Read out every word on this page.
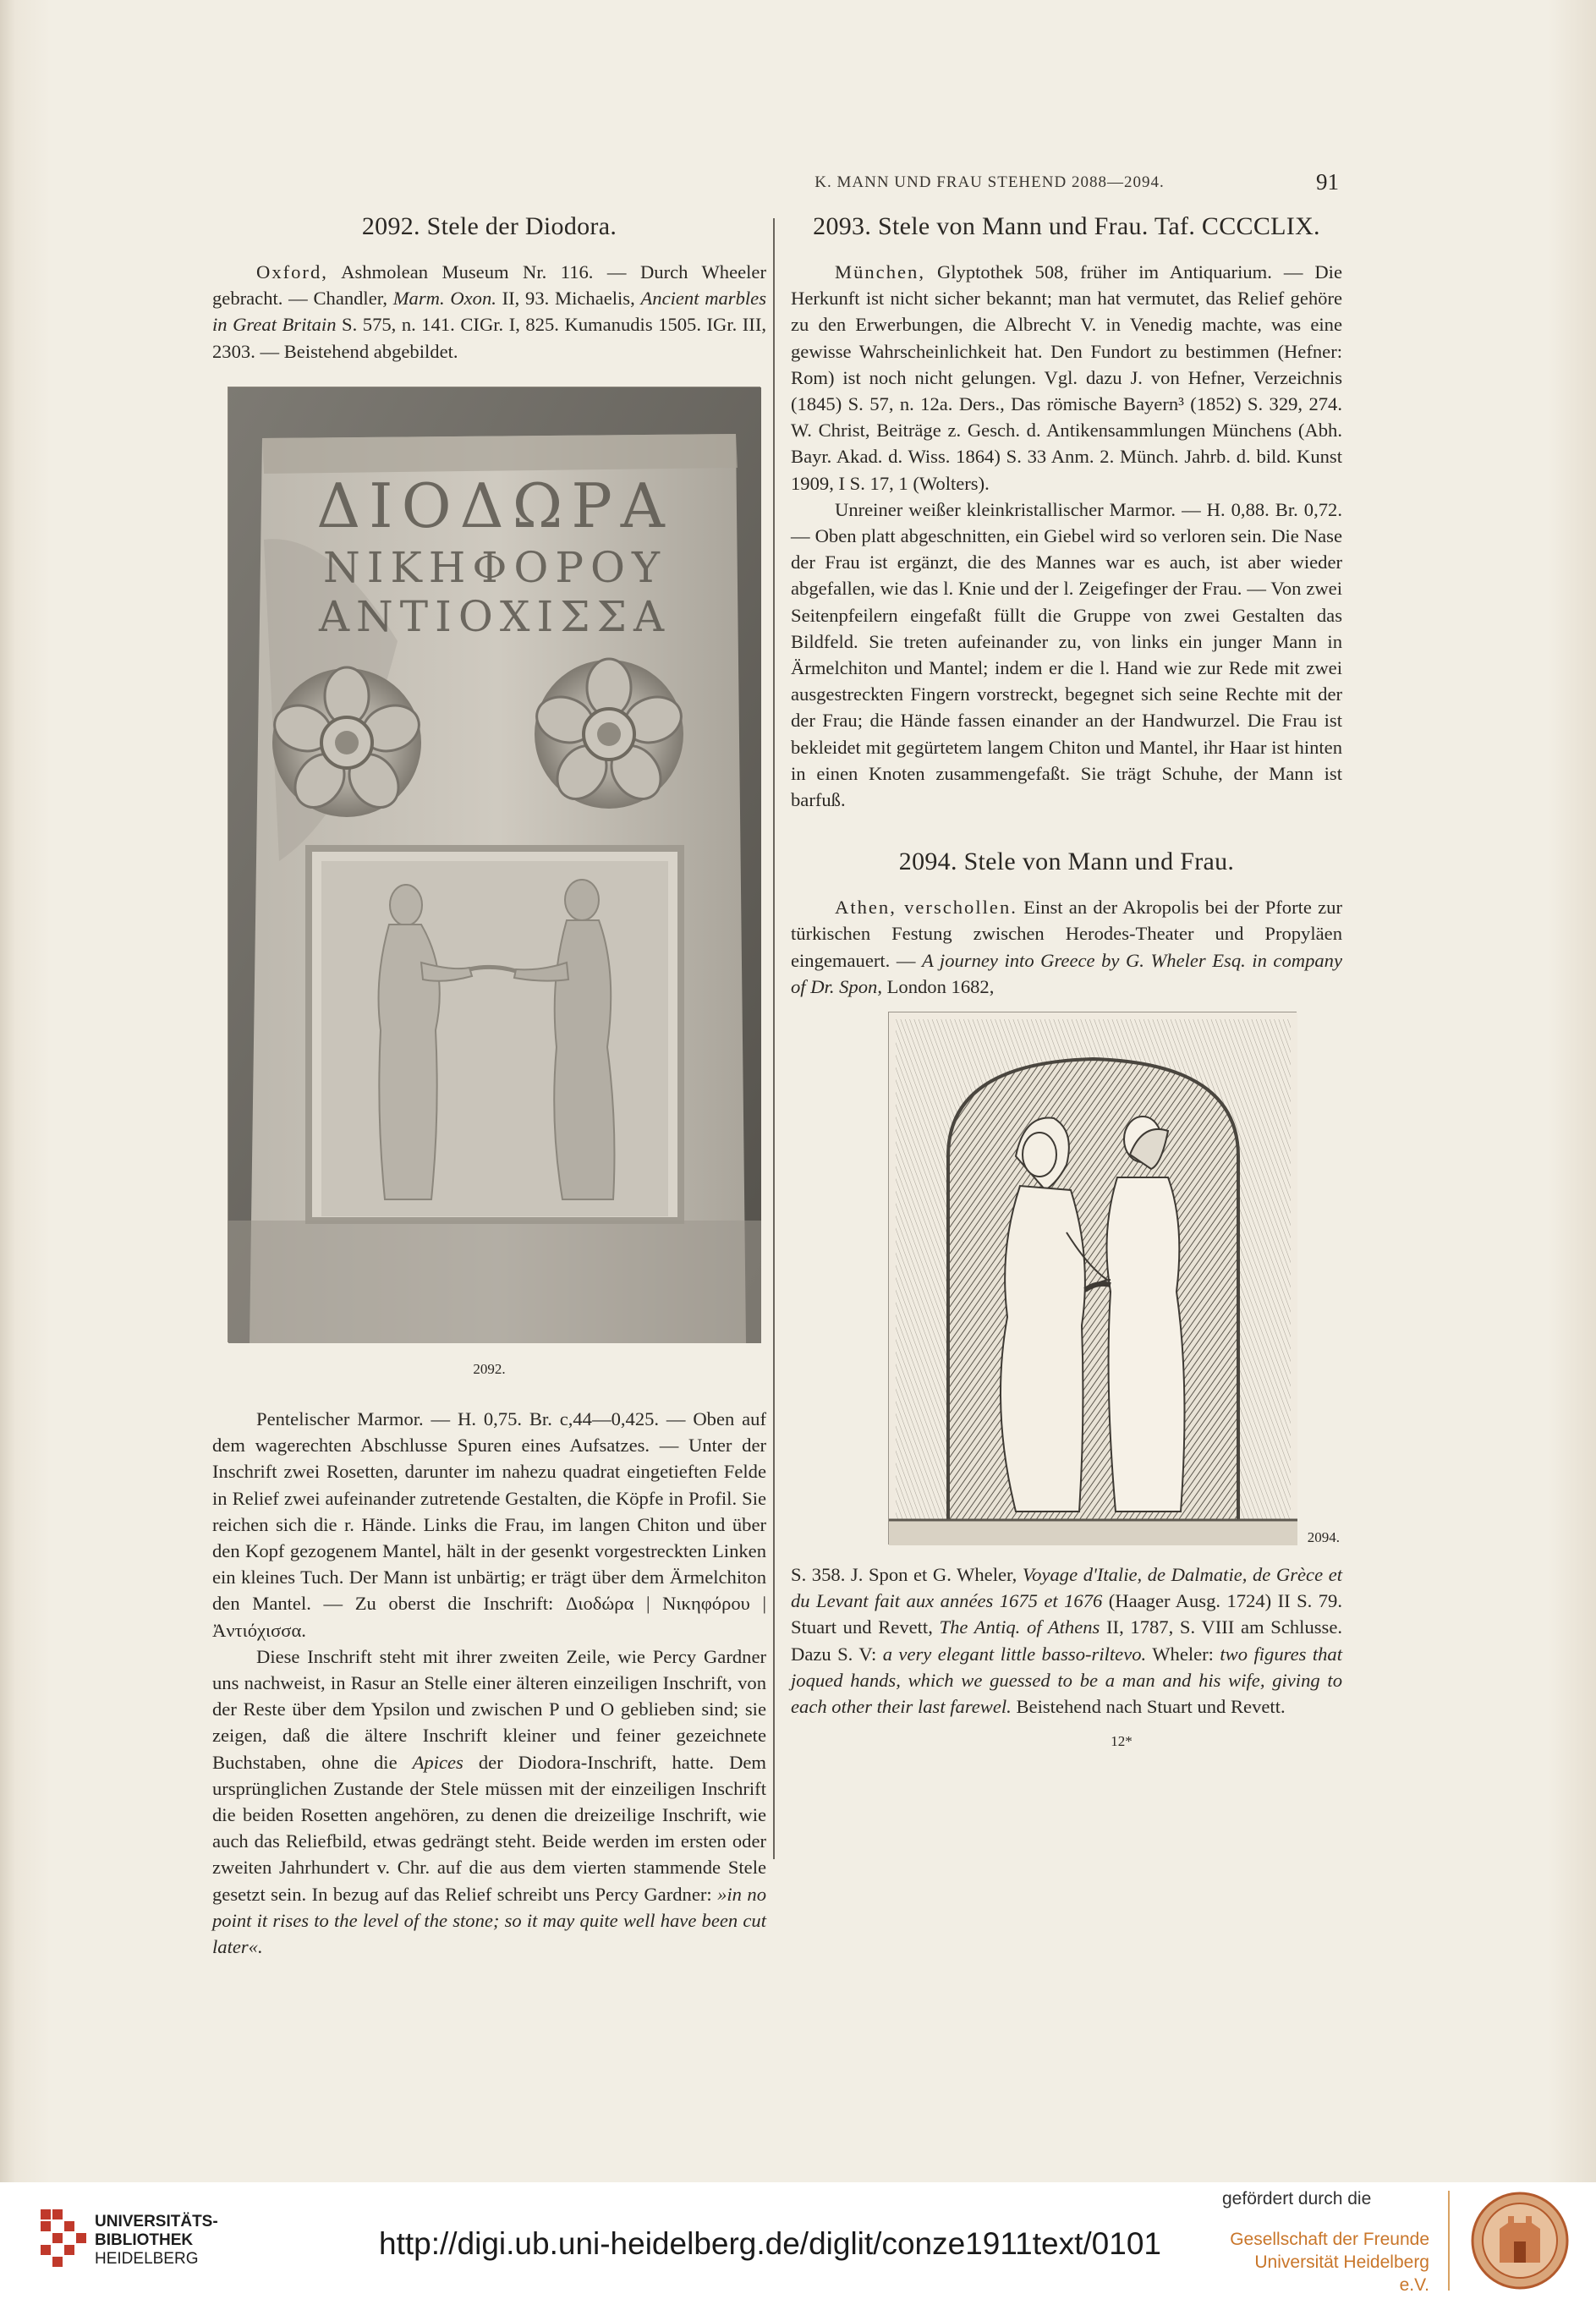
K. MANN UND FRAU STEHEND 2088—2094.	91
2092. Stele der Diodora.

Oxford, Ashmolean Museum Nr. 116. — Durch Wheeler gebracht. — Chandler, Marm. Oxon. II, 93. Michaelis, Ancient marbles in Great Britain S. 575, n. 141. CIGr. I, 825. Kumanudis 1505. IGr. III, 2303. — Beistehend abgebildet.

ΔΙΟΔΩΡΑ
ΝΙΚΗΦΟΡΟΥ
ΑΝΤΙΟΧΙΣΣΑ
2092.

Pentelischer Marmor. — H. 0,75. Br. c,44—0,425. — Oben auf dem wagerechten Abschlusse Spuren eines Aufsatzes. — Unter der Inschrift zwei Rosetten, darunter im nahezu quadrat eingetieften Felde in Relief zwei aufeinander zutretende Gestalten, die Köpfe in Profil. Sie reichen sich die r. Hände. Links die Frau, im langen Chiton und über den Kopf gezogenem Mantel, hält in der gesenkt vorgestreckten Linken ein kleines Tuch. Der Mann ist unbärtig; er trägt über dem Ärmelchiton den Mantel. — Zu oberst die Inschrift: Διοδώρα | Νικηφόρου | Ἀντιόχισσα.

Diese Inschrift steht mit ihrer zweiten Zeile, wie Percy Gardner uns nachweist, in Rasur an Stelle einer älteren einzeiligen Inschrift, von der Reste über dem Ypsilon und zwischen P und O geblieben sind; sie zeigen, daß die ältere Inschrift kleiner und feiner gezeichnete Buchstaben, ohne die Apices der Diodora-Inschrift, hatte. Dem ursprünglichen Zustande der Stele müssen mit der einzeiligen Inschrift die beiden Rosetten angehören, zu denen die dreizeilige Inschrift, wie auch das Reliefbild, etwas gedrängt steht. Beide werden im ersten oder zweiten Jahrhundert v. Chr. auf die aus dem vierten stammende Stele gesetzt sein. In bezug auf das Relief schreibt uns Percy Gardner: »in no point it rises to the level of the stone; so it may quite well have been cut later«.

2093. Stele von Mann und Frau. Taf. CCCCLIX.

München, Glyptothek 508, früher im Antiquarium. — Die Herkunft ist nicht sicher bekannt; man hat vermutet, das Relief gehöre zu den Erwerbungen, die Albrecht V. in Venedig machte, was eine gewisse Wahrscheinlichkeit hat. Den Fundort zu bestimmen (Hefner: Rom) ist noch nicht gelungen. Vgl. dazu J. von Hefner, Verzeichnis (1845) S. 57, n. 12a. Ders., Das römische Bayern³ (1852) S. 329, 274. W. Christ, Beiträge z. Gesch. d. Antikensammlungen Münchens (Abh. Bayr. Akad. d. Wiss. 1864) S. 33 Anm. 2. Münch. Jahrb. d. bild. Kunst 1909, I S. 17, 1 (Wolters).

Unreiner weißer kleinkristallischer Marmor. — H. 0,88. Br. 0,72. — Oben platt abgeschnitten, ein Giebel wird so verloren sein. Die Nase der Frau ist ergänzt, die des Mannes war es auch, ist aber wieder abgefallen, wie das l. Knie und der l. Zeigefinger der Frau. — Von zwei Seitenpfeilern eingefaßt füllt die Gruppe von zwei Gestalten das Bildfeld. Sie treten aufeinander zu, von links ein junger Mann in Ärmelchiton und Mantel; indem er die l. Hand wie zur Rede mit zwei ausgestreckten Fingern vorstreckt, begegnet sich seine Rechte mit der der Frau; die Hände fassen einander an der Handwurzel. Die Frau ist bekleidet mit gegürtetem langem Chiton und Mantel, ihr Haar ist hinten in einen Knoten zusammengefaßt. Sie trägt Schuhe, der Mann ist barfuß.

2094. Stele von Mann und Frau.

Athen, verschollen. Einst an der Akropolis bei der Pforte zur türkischen Festung zwischen Herodes-Theater und Propyläen eingemauert. — A journey into Greece by G. Wheler Esq. in company of Dr. Spon, London 1682,

2094.

S. 358. J. Spon et G. Wheler, Voyage d'Italie, de Dalmatie, de Grèce et du Levant fait aux années 1675 et 1676 (Haager Ausg. 1724) II S. 79. Stuart und Revett, The Antiq. of Athens II, 1787, S. VIII am Schlusse. Dazu S. V: a very elegant little basso-riltevo. Wheler: two figures that joqued hands, which we guessed to be a man and his wife, giving to each other their last farewel. Beistehend nach Stuart und Revett.

12*
UNIVERSITÄTS-
BIBLIOTHEK
HEIDELBERG	http://digi.ub.uni-heidelberg.de/diglit/conze1911text/0101
gefördert durch die
Gesellschaft der Freunde
Universität Heidelberg e.V.
